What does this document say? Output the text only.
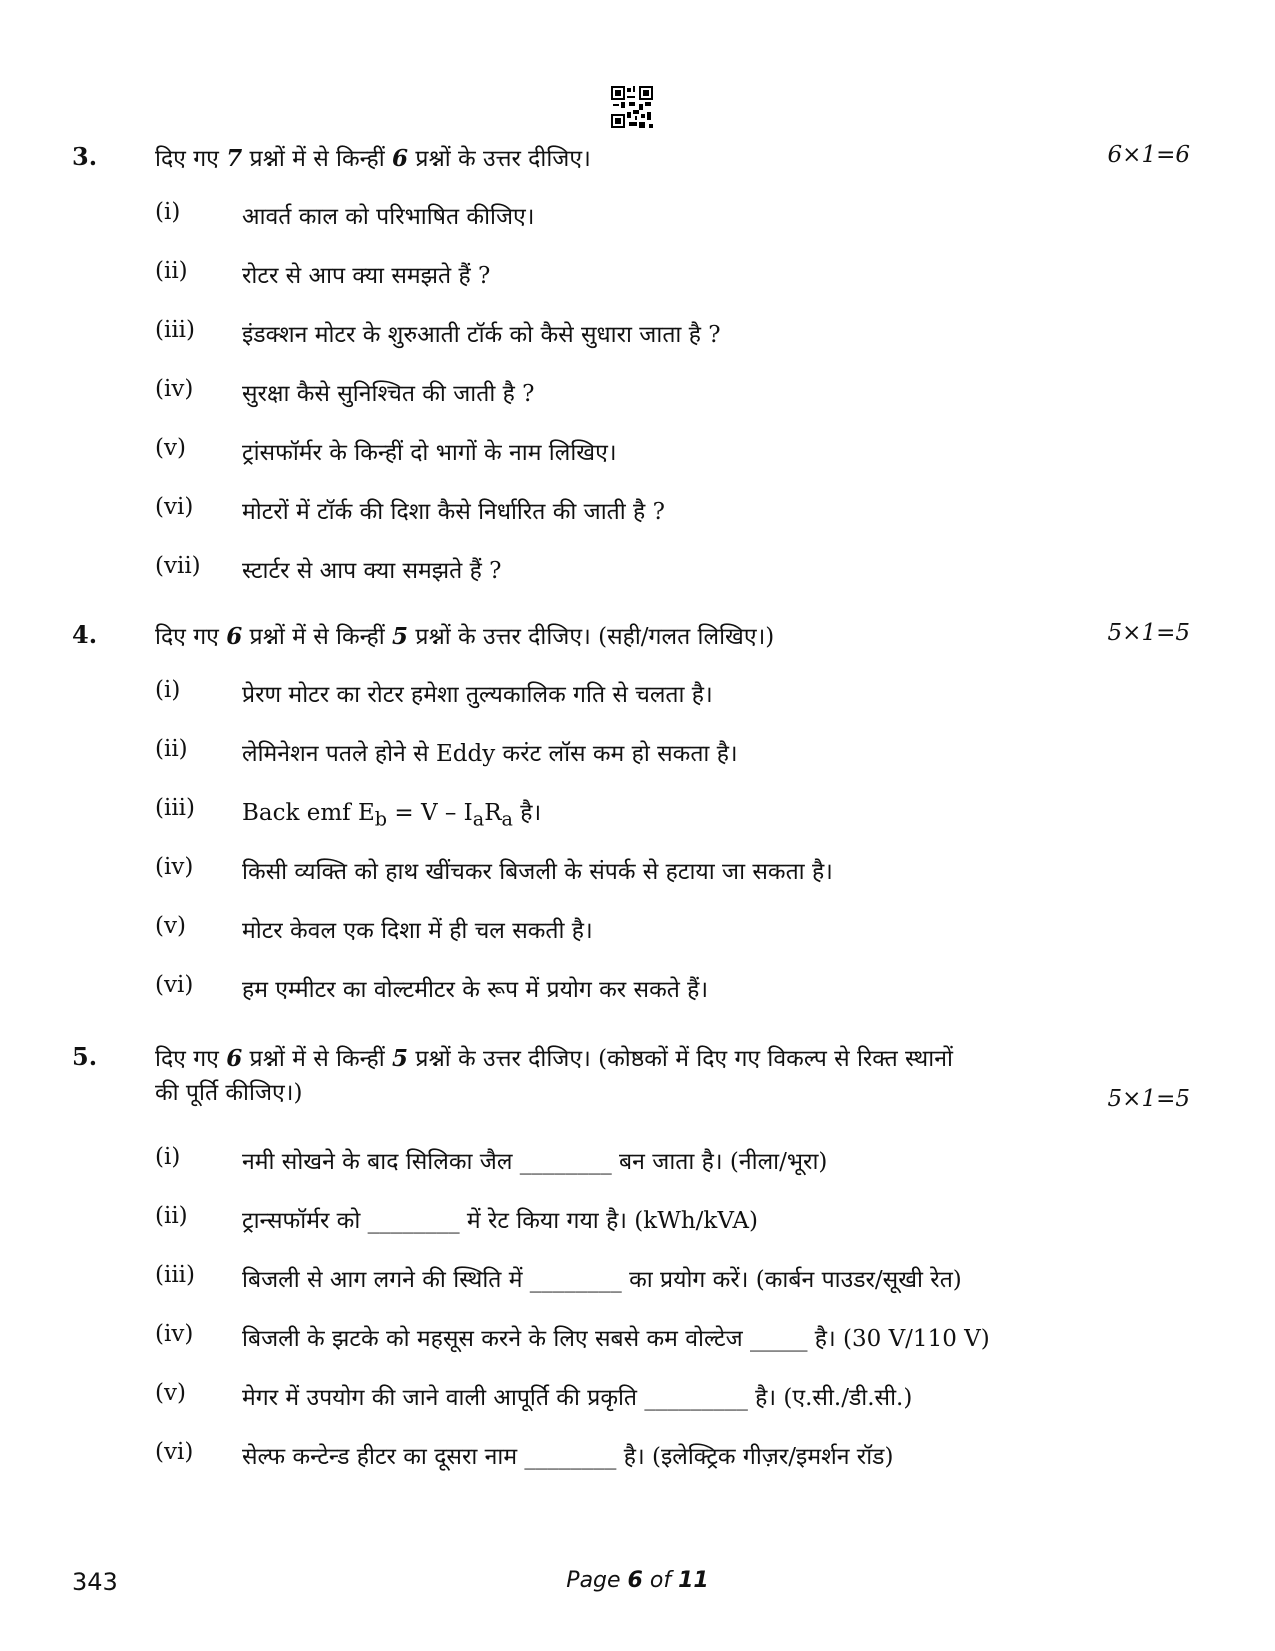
3.	दिए गए 7 प्रश्नों में से किन्हीं 6 प्रश्नों के उत्तर दीजिए।	6×1=6
(i)	आवर्त काल को परिभाषित कीजिए।
(ii) रोटर से आप क्या समझते हैं ?
(iii) इंडक्शन मोटर के शुरुआती टॉर्क को कैसे सुधारा जाता है ?
(iv) सुरक्षा कैसे सुनिश्चित की जाती है ?
(v) ट्रांसफॉर्मर के किन्हीं दो भागों के नाम लिखिए।
(vi) मोटरों में टॉर्क की दिशा कैसे निर्धारित की जाती है ?
(vii) स्टार्टर से आप क्या समझते हैं ?
4.	दिए गए 6 प्रश्नों में से किन्हीं 5 प्रश्नों के उत्तर दीजिए। (सही/गलत लिखिए।)	5×1=5
(i)	प्रेरण मोटर का रोटर हमेशा तुल्यकालिक गति से चलता है।
(ii) लेमिनेशन पतले होने से Eddy करंट लॉस कम हो सकता है।
(iii) Back emf $E_b = V - I_aR_a$ है।
(iv) किसी व्यक्ति को हाथ खींचकर बिजली के संपर्क से हटाया जा सकता है।
(v) मोटर केवल एक दिशा में ही चल सकती है।
(vi) हम एम्मीटर का वोल्टमीटर के रूप में प्रयोग कर सकते हैं।
5.	दिए गए 6 प्रश्नों में से किन्हीं 5 प्रश्नों के उत्तर दीजिए। (कोष्ठकों में दिए गए विकल्प से रिक्त स्थानों
की पूर्ति कीजिए।)	5×1=5
(i)	नमी सोखने के बाद सिलिका जैल ________ बन जाता है। (नीला/भूरा)
(ii) ट्रान्सफॉर्मर को ________ में रेट किया गया है। (kWh/kVA)
(iii) बिजली से आग लगने की स्थिति में ________ का प्रयोग करें। (कार्बन पाउडर/सूखी रेत)
(iv) बिजली के झटके को महसूस करने के लिए सबसे कम वोल्टेज _____ है। (30 V/110 V)
(v) मेगर में उपयोग की जाने वाली आपूर्ति की प्रकृति _________ है। (ए.सी./डी.सी.)
(vi) सेल्फ कन्टेन्ड हीटर का दूसरा नाम ________ है। (इलेक्ट्रिक गीज़र/इमर्शन रॉड)
343	Page 6 of 11
